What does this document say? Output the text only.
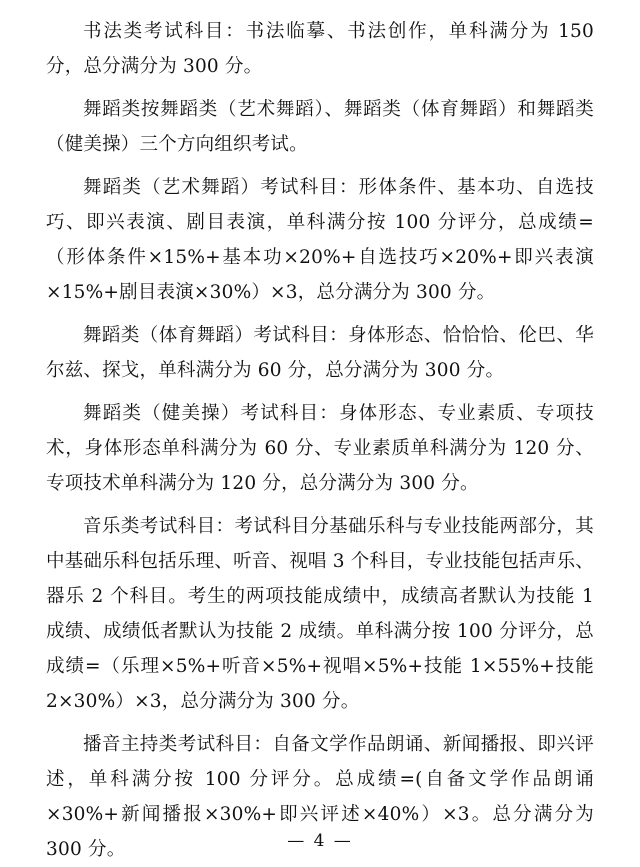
书法类考试科目：书法临摹、书法创作，单科满分为 150 分，总分满分为 300 分。

舞蹈类按舞蹈类（艺术舞蹈）、舞蹈类（体育舞蹈）和舞蹈类（健美操）三个方向组织考试。

舞蹈类（艺术舞蹈）考试科目：形体条件、基本功、自选技巧、即兴表演、剧目表演，单科满分按 100 分评分，总成绩=（形体条件×15%+基本功×20%+自选技巧×20%+即兴表演×15%+剧目表演×30%）×3，总分满分为 300 分。

舞蹈类（体育舞蹈）考试科目：身体形态、恰恰恰、伦巴、华尔兹、探戈，单科满分为 60 分，总分满分为 300 分。

舞蹈类（健美操）考试科目：身体形态、专业素质、专项技术，身体形态单科满分为 60 分、专业素质单科满分为 120 分、专项技术单科满分为 120 分，总分满分为 300 分。

音乐类考试科目：考试科目分基础乐科与专业技能两部分，其中基础乐科包括乐理、听音、视唱 3 个科目，专业技能包括声乐、器乐 2 个科目。考生的两项技能成绩中，成绩高者默认为技能 1 成绩、成绩低者默认为技能 2 成绩。单科满分按 100 分评分，总成绩=（乐理×5%+听音×5%+视唱×5%+技能 1×55%+技能 2×30%）×3，总分满分为 300 分。

播音主持类考试科目：自备文学作品朗诵、新闻播报、即兴评述，单科满分按 100 分评分。总成绩=(自备文学作品朗诵×30%+新闻播报×30%+即兴评述×40%）×3。总分满分为 300 分。	— 4 —
